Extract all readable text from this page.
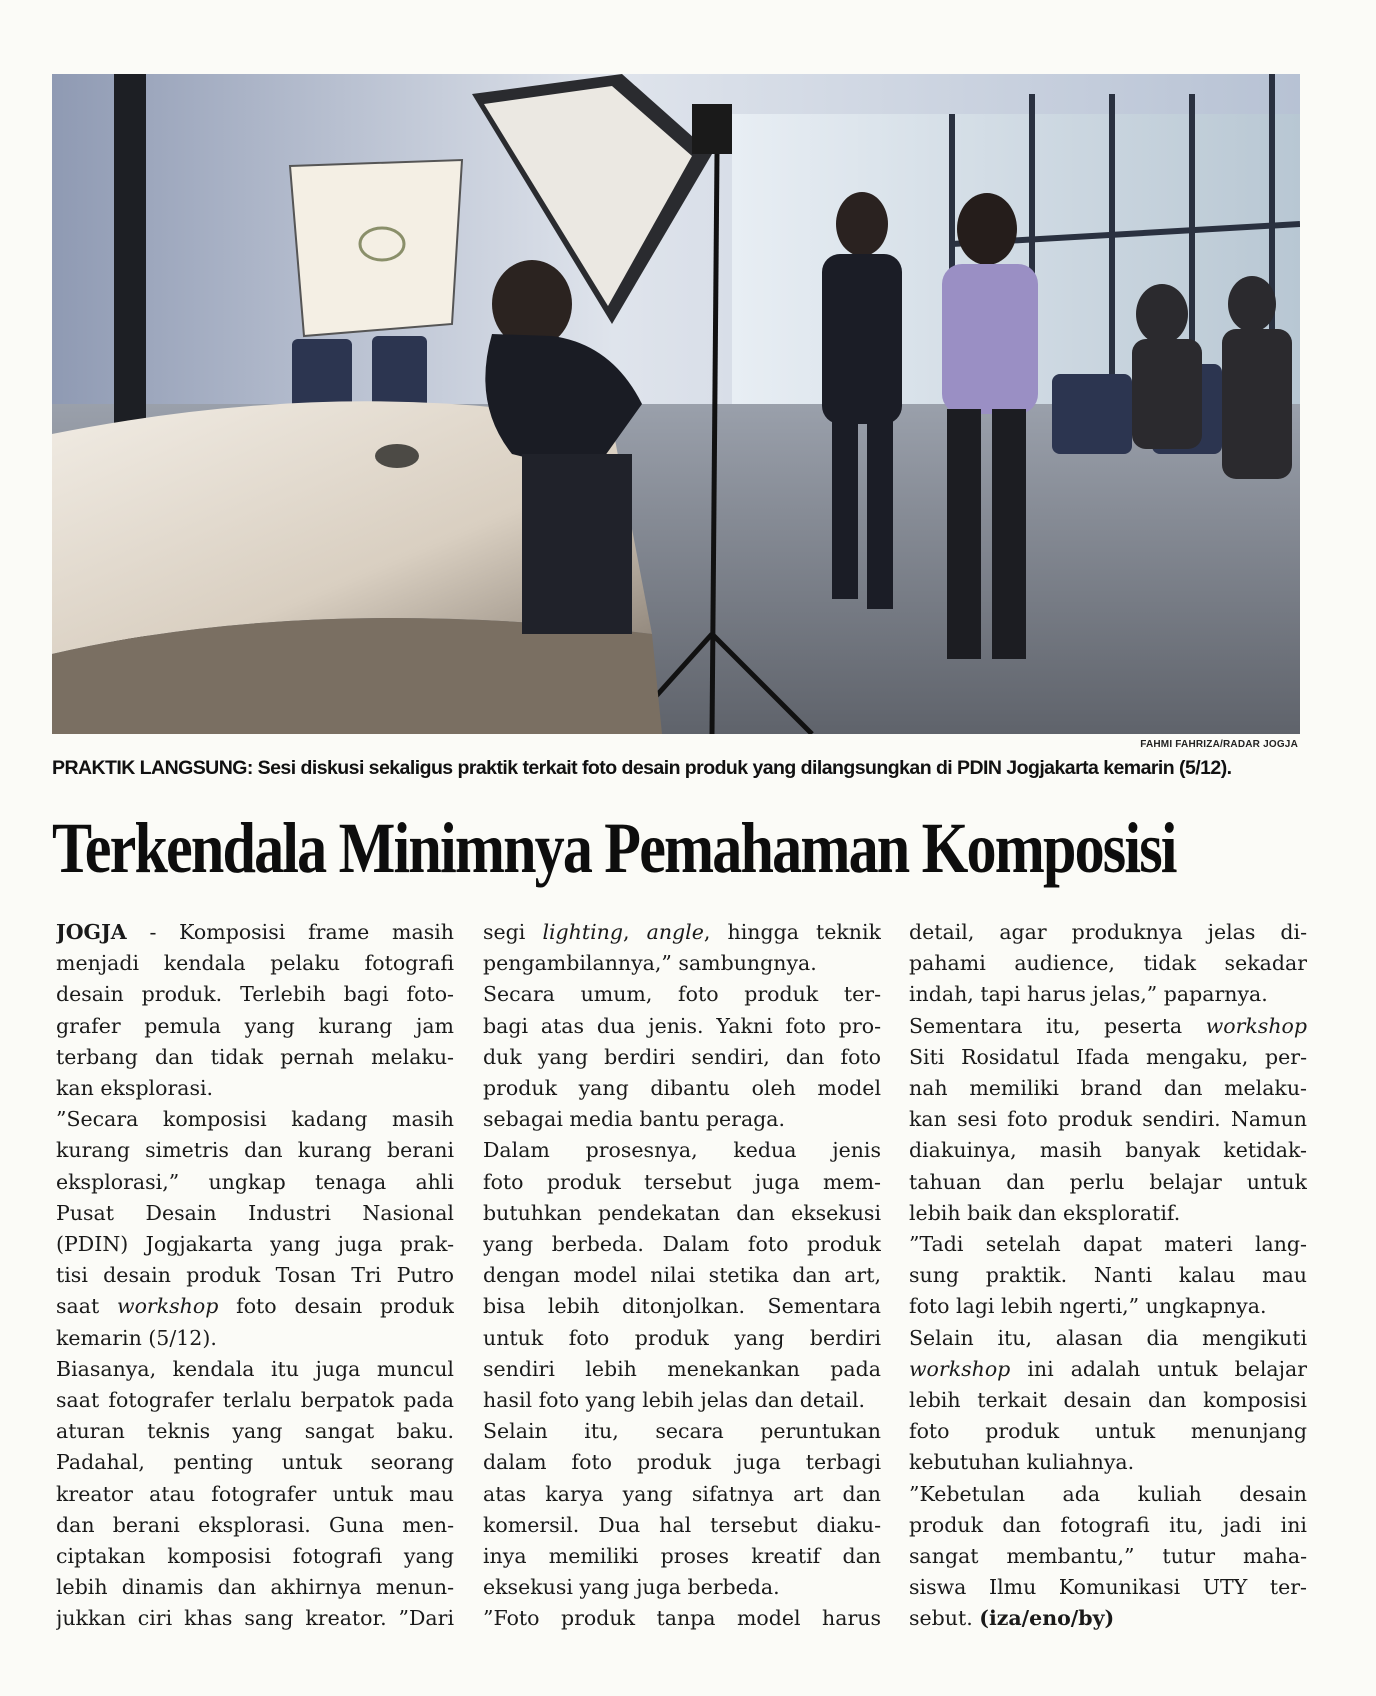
FAHMI FAHRIZA/RADAR JOGJA
PRAKTIK LANGSUNG: Sesi diskusi sekaligus praktik terkait foto desain produk yang dilangsungkan di PDIN Jogjakarta kemarin (5/12).
Terkendala Minimnya Pemahaman Komposisi
JOGJA - Komposisi frame masih
menjadi kendala pelaku fotografi
desain produk. Terlebih bagi foto-
grafer pemula yang kurang jam
terbang dan tidak pernah melaku-
kan eksplorasi.
”Secara komposisi kadang masih
kurang simetris dan kurang berani
eksplorasi,” ungkap tenaga ahli
Pusat Desain Industri Nasional
(PDIN) Jogjakarta yang juga prak-
tisi desain produk Tosan Tri Putro
saat workshop foto desain produk
kemarin (5/12).
Biasanya, kendala itu juga muncul
saat fotografer terlalu berpatok pada
aturan teknis yang sangat baku.
Padahal, penting untuk seorang
kreator atau fotografer untuk mau
dan berani eksplorasi. Guna men-
ciptakan komposisi fotografi yang
lebih dinamis dan akhirnya menun-
jukkan ciri khas sang kreator. ”Dari
segi lighting, angle, hingga teknik
pengambilannya,” sambungnya.
Secara umum, foto produk ter-
bagi atas dua jenis. Yakni foto pro-
duk yang berdiri sendiri, dan foto
produk yang dibantu oleh model
sebagai media bantu peraga.
Dalam prosesnya, kedua jenis
foto produk tersebut juga mem-
butuhkan pendekatan dan eksekusi
yang berbeda. Dalam foto produk
dengan model nilai stetika dan art,
bisa lebih ditonjolkan. Sementara
untuk foto produk yang berdiri
sendiri lebih menekankan pada
hasil foto yang lebih jelas dan detail.
Selain itu, secara peruntukan
dalam foto produk juga terbagi
atas karya yang sifatnya art dan
komersil. Dua hal tersebut diaku-
inya memiliki proses kreatif dan
eksekusi yang juga berbeda.
”Foto produk tanpa model harus
detail, agar produknya jelas di-
pahami audience, tidak sekadar
indah, tapi harus jelas,” paparnya.
Sementara itu, peserta workshop
Siti Rosidatul Ifada mengaku, per-
nah memiliki brand dan melaku-
kan sesi foto produk sendiri. Namun
diakuinya, masih banyak ketidak-
tahuan dan perlu belajar untuk
lebih baik dan eksploratif.
”Tadi setelah dapat materi lang-
sung praktik. Nanti kalau mau
foto lagi lebih ngerti,” ungkapnya.
Selain itu, alasan dia mengikuti
workshop ini adalah untuk belajar
lebih terkait desain dan komposisi
foto produk untuk menunjang
kebutuhan kuliahnya.
”Kebetulan ada kuliah desain
produk dan fotografi itu, jadi ini
sangat membantu,” tutur maha-
siswa Ilmu Komunikasi UTY ter-
sebut. (iza/eno/by)
